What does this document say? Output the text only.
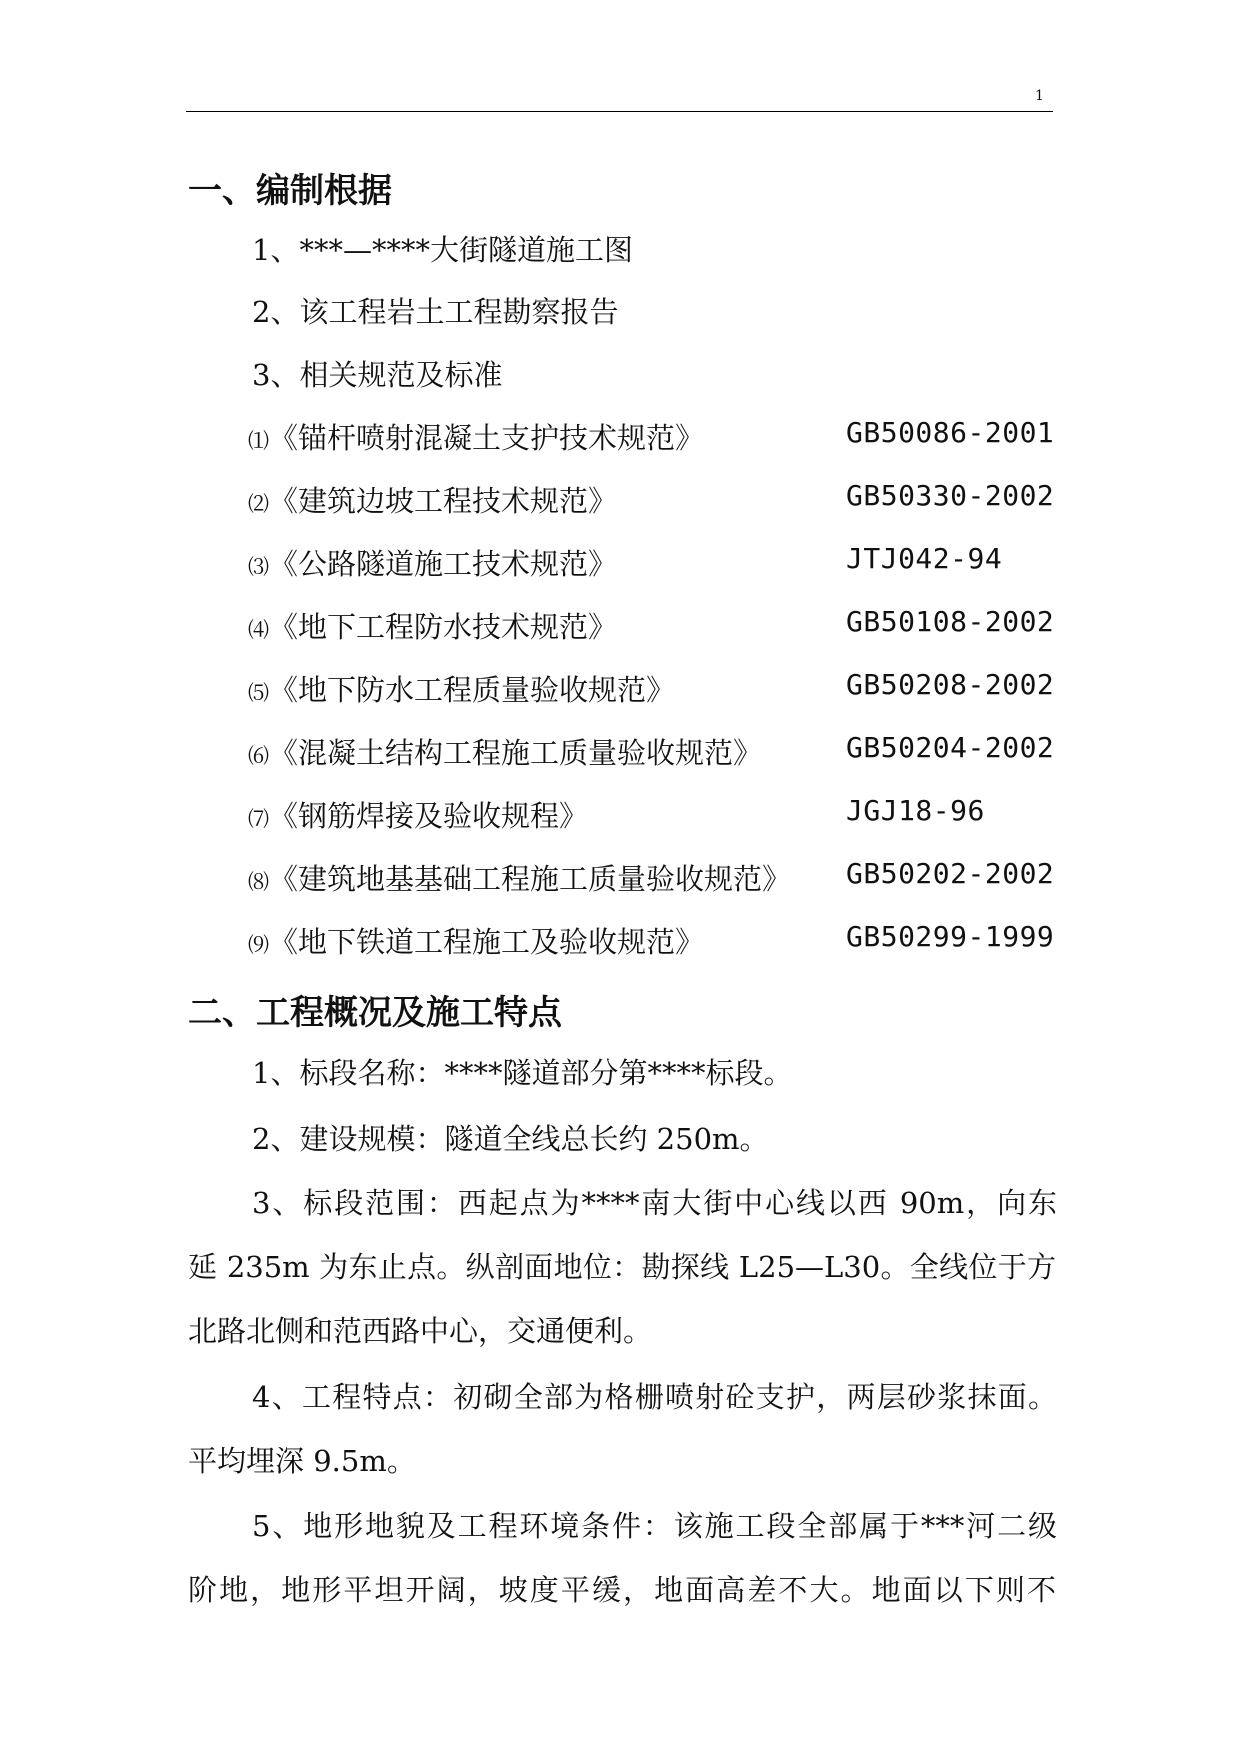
1
一、编制根据
1、***—****大街隧道施工图
2、该工程岩土工程勘察报告
3、相关规范及标准
⑴《锚杆喷射混凝土支护技术规范》	GB50086-2001
⑵《建筑边坡工程技术规范》	GB50330-2002
⑶《公路隧道施工技术规范》	JTJ042-94
⑷《地下工程防水技术规范》	GB50108-2002
⑸《地下防水工程质量验收规范》	GB50208-2002
⑹《混凝土结构工程施工质量验收规范》	GB50204-2002
⑺《钢筋焊接及验收规程》	JGJ18-96
⑻《建筑地基基础工程施工质量验收规范》 GB50202-2002
⑼《地下铁道工程施工及验收规范》	GB50299-1999
二、工程概况及施工特点
1、标段名称：****隧道部分第****标段。
2、建设规模：隧道全线总长约 250m。
3、标段范围：西起点为****南大街中心线以西 90m，向东
延 235m 为东止点。纵剖面地位：勘探线 L25—L30。全线位于方
北路北侧和范西路中心，交通便利。
4、工程特点：初砌全部为格栅喷射砼支护，两层砂浆抹面。
平均埋深 9.5m。
5、地形地貌及工程环境条件：该施工段全部属于***河二级
阶地，地形平坦开阔，坡度平缓，地面高差不大。地面以下则不
